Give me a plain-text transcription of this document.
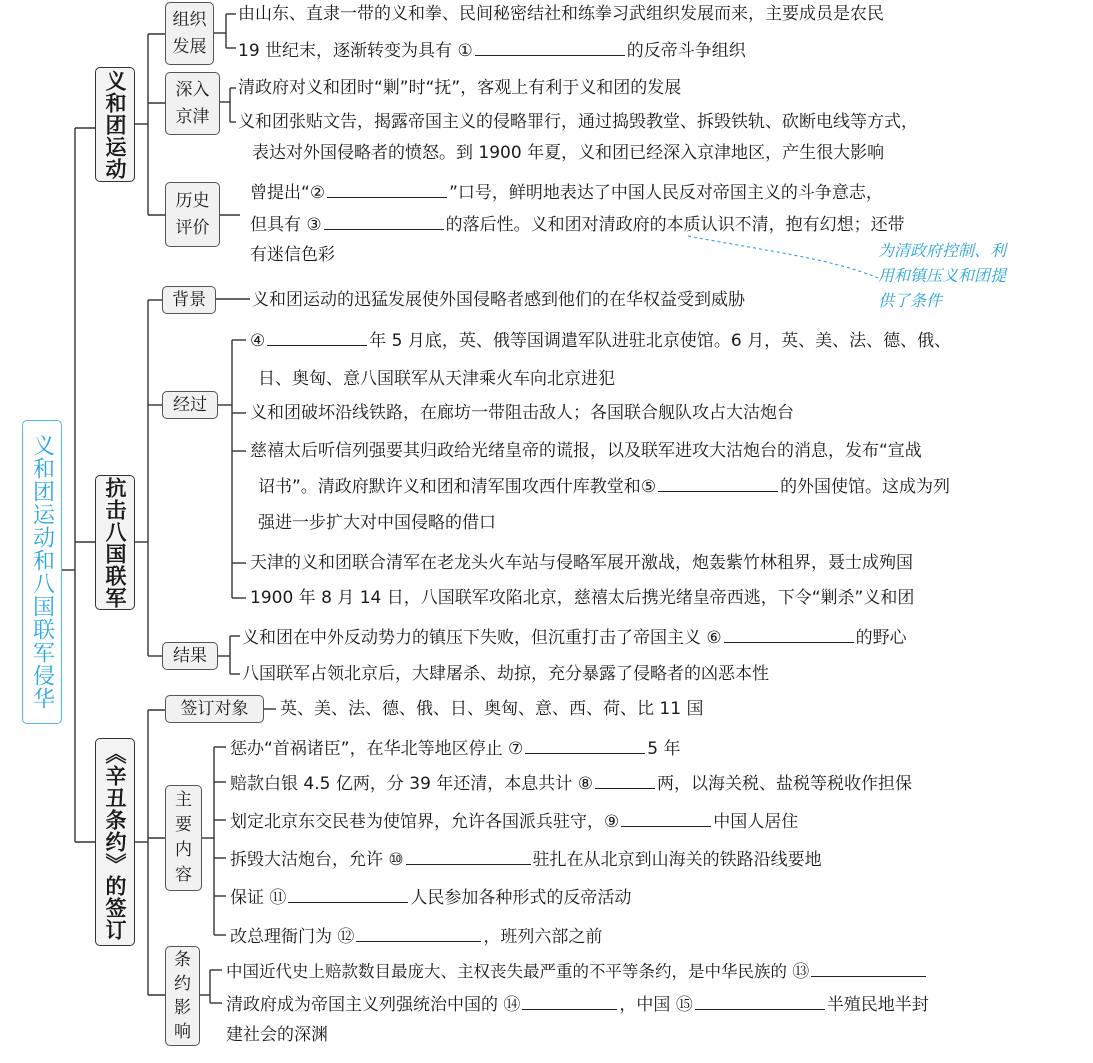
义和团运动和八国联军侵华
义和团运动
组织
发展
由山东、直隶一带的义和拳、民间秘密结社和练拳习武组织发展而来，主要成员是农民
19 世纪末，逐渐转变为具有 ①	的反帝斗争组织
深入
京津
清政府对义和团时“剿”时“抚”，客观上有利于义和团的发展
义和团张贴文告，揭露帝国主义的侵略罪行，通过捣毁教堂、拆毁铁轨、砍断电线等方式，
表达对外国侵略者的愤怒。到 1900 年夏，义和团已经深入京津地区，产生很大影响
历史
评价
曾提出“②	”口号，鲜明地表达了中国人民反对帝国主义的斗争意志，
但具有 ③	的落后性。义和团对清政府的本质认识不清，抱有幻想；还带
有迷信色彩	为清政府控制、利
用和镇压义和团提
供了条件
抗击八国联军
背景	义和团运动的迅猛发展使外国侵略者感到他们的在华权益受到威胁
经过
④	年 5 月底，英、俄等国调遣军队进驻北京使馆。6 月，英、美、法、德、俄、
日、奥匈、意八国联军从天津乘火车向北京进犯
义和团破坏沿线铁路，在廊坊一带阻击敌人；各国联合舰队攻占大沽炮台
慈禧太后听信列强要其归政给光绪皇帝的谎报，以及联军进攻大沽炮台的消息，发布“宣战
诏书”。清政府默许义和团和清军围攻西什库教堂和⑤	的外国使馆。这成为列
强进一步扩大对中国侵略的借口
天津的义和团联合清军在老龙头火车站与侵略军展开激战，炮轰紫竹林租界，聂士成殉国
1900 年 8 月 14 日，八国联军攻陷北京，慈禧太后携光绪皇帝西逃，下令“剿杀”义和团
结果
义和团在中外反动势力的镇压下失败，但沉重打击了帝国主义 ⑥	的野心
八国联军占领北京后，大肆屠杀、劫掠，充分暴露了侵略者的凶恶本性
《辛丑条约》的签订
签订对象 英、美、法、德、俄、日、奥匈、意、西、荷、比 11 国
主
要
内
容
惩办“首祸诸臣”，在华北等地区停止 ⑦	5 年
赔款白银 4.5 亿两，分 39 年还清，本息共计 ⑧	两，以海关税、盐税等税收作担保
划定北京东交民巷为使馆界，允许各国派兵驻守，⑨	中国人居住
拆毁大沽炮台，允许 ⑩	驻扎在从北京到山海关的铁路沿线要地
保证 ⑪	人民参加各种形式的反帝活动
改总理衙门为 ⑫	，班列六部之前
条
约
影
响
中国近代史上赔款数目最庞大、主权丧失最严重的不平等条约，是中华民族的 ⑬
清政府成为帝国主义列强统治中国的 ⑭	，中国 ⑮	半殖民地半封
建社会的深渊
